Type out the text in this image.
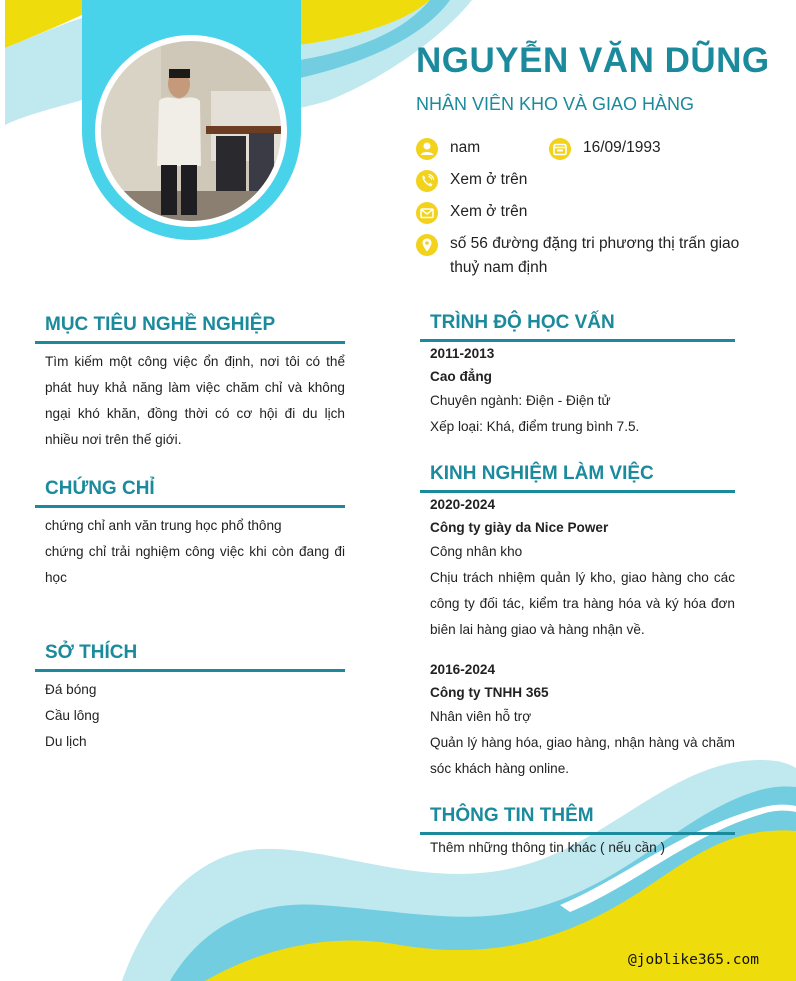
NGUYỄN VĂN DŨNG
NHÂN VIÊN KHO VÀ GIAO HÀNG
nam	16/09/1993
Xem ở trên
Xem ở trên
số 56 đường đặng tri phương thị trấn giao thuỷ nam định
MỤC TIÊU NGHỀ NGHIỆP
Tìm kiếm một công việc ổn định, nơi tôi có thể phát huy khả năng làm việc chăm chỉ và không ngại khó khăn, đồng thời có cơ hội đi du lịch nhiều nơi trên thế giới.
CHỨNG CHỈ
chứng chỉ anh văn trung học phổ thông
chứng chỉ trải nghiệm công việc khi còn đang đi học
SỞ THÍCH
Đá bóng
Cầu lông
Du lịch
TRÌNH ĐỘ HỌC VẤN
2011-2013
Cao đẳng
Chuyên ngành: Điện - Điện tử
Xếp loại: Khá, điểm trung bình 7.5.
KINH NGHIỆM LÀM VIỆC
2020-2024
Công ty giày da Nice Power
Công nhân kho
Chịu trách nhiệm quản lý kho, giao hàng cho các công ty đối tác, kiểm tra hàng hóa và ký hóa đơn biên lai hàng giao và hàng nhận về.
2016-2024
Công ty TNHH 365
Nhân viên hỗ trợ
Quản lý hàng hóa, giao hàng, nhận hàng và chăm sóc khách hàng online.
THÔNG TIN THÊM
Thêm những thông tin khác ( nếu cần )
@joblike365.com
